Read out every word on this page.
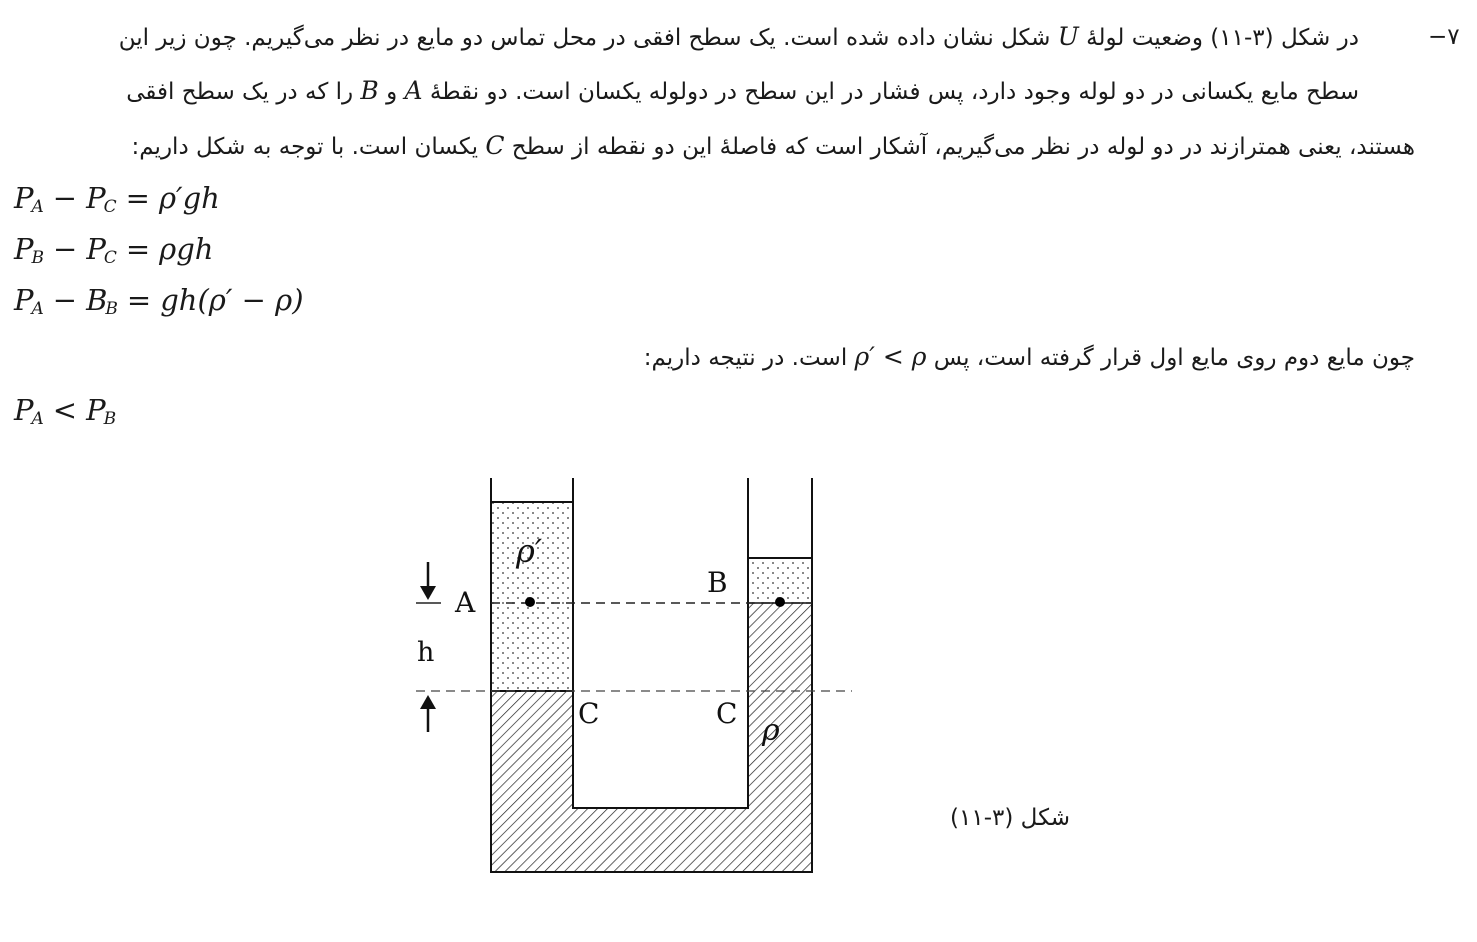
−۷
در شکل (۳-۱۱) وضعیت لولۀ U شکل نشان داده شده است. یک سطح افقی در محل تماس دو مایع در نظر می‌گیریم. چون زیر این
سطح مایع یکسانی در دو لوله وجود دارد، پس فشار در این سطح در دولوله یکسان است. دو نقطۀ A و B را که در یک سطح افقی
هستند، یعنی همترازند در دو لوله در نظر می‌گیریم، آشکار است که فاصلۀ این دو نقطه از سطح C یکسان است. با توجه به شکل داریم:
$P_A - P_C = \rho'gh$
$P_B - P_C = \rho gh$
$P_A - B_B = gh(\rho' - \rho)$
چون مایع دوم روی مایع اول قرار گرفته است، پس ρ′ < ρ است. در نتیجه داریم:
$P_A < P_B$
ρ′
ρ
A
B
C	C
h
شکل (۳-۱۱)
